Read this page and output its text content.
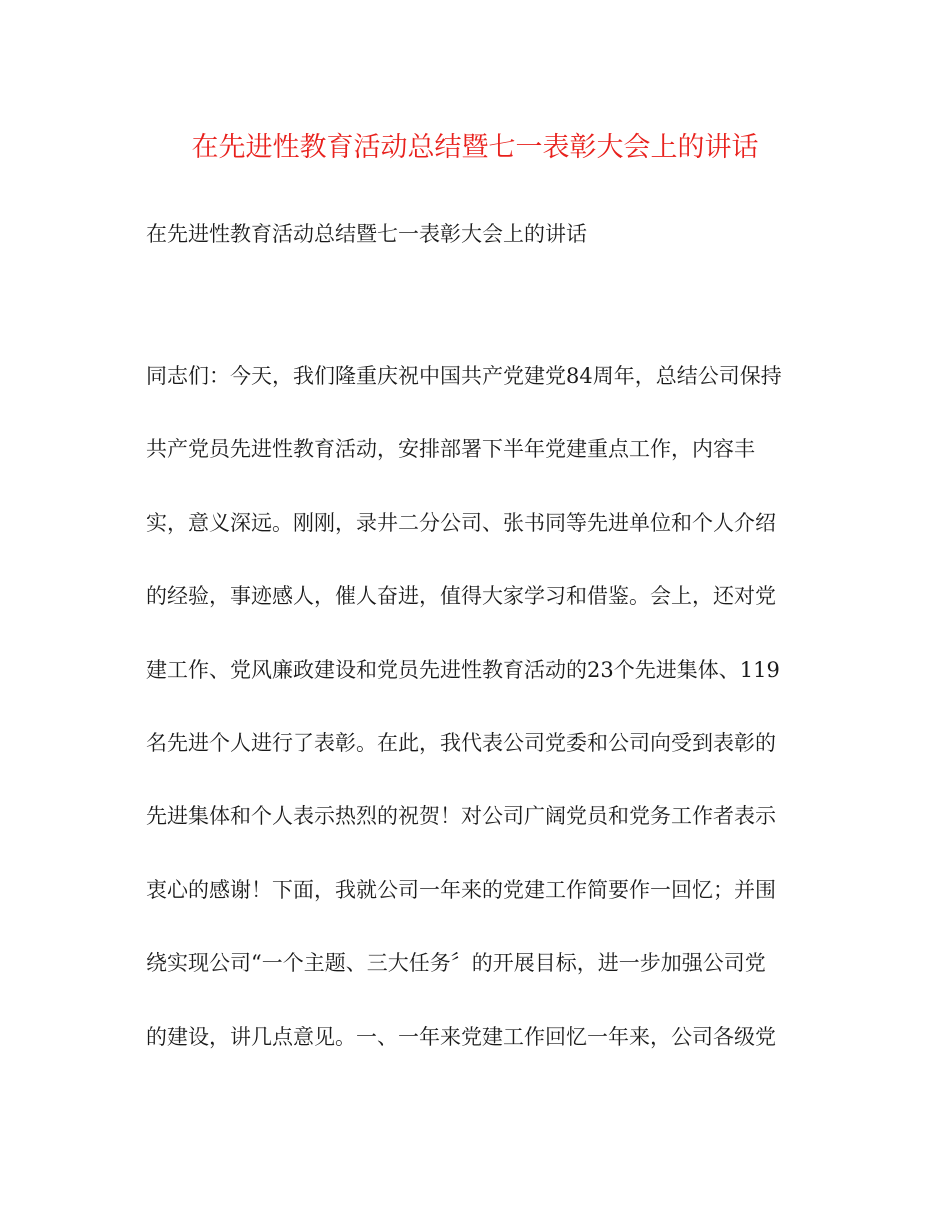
在先进性教育活动总结暨七一表彰大会上的讲话
在先进性教育活动总结暨七一表彰大会上的讲话
同志们：今天，我们隆重庆祝中国共产党建党84周年，总结公司保持
共产党员先进性教育活动，安排部署下半年党建重点工作，内容丰
实，意义深远。刚刚，录井二分公司、张书同等先进单位和个人介绍
的经验，事迹感人，催人奋进，值得大家学习和借鉴。会上，还对党
建工作、党风廉政建设和党员先进性教育活动的23个先进集体、119
名先进个人进行了表彰。在此，我代表公司党委和公司向受到表彰的
先进集体和个人表示热烈的祝贺！对公司广阔党员和党务工作者表示
衷心的感谢！下面，我就公司一年来的党建工作简要作一回忆；并围
绕实现公司“一个主题、三大任务〞的开展目标，进一步加强公司党
的建设，讲几点意见。一、一年来党建工作回忆一年来，公司各级党
